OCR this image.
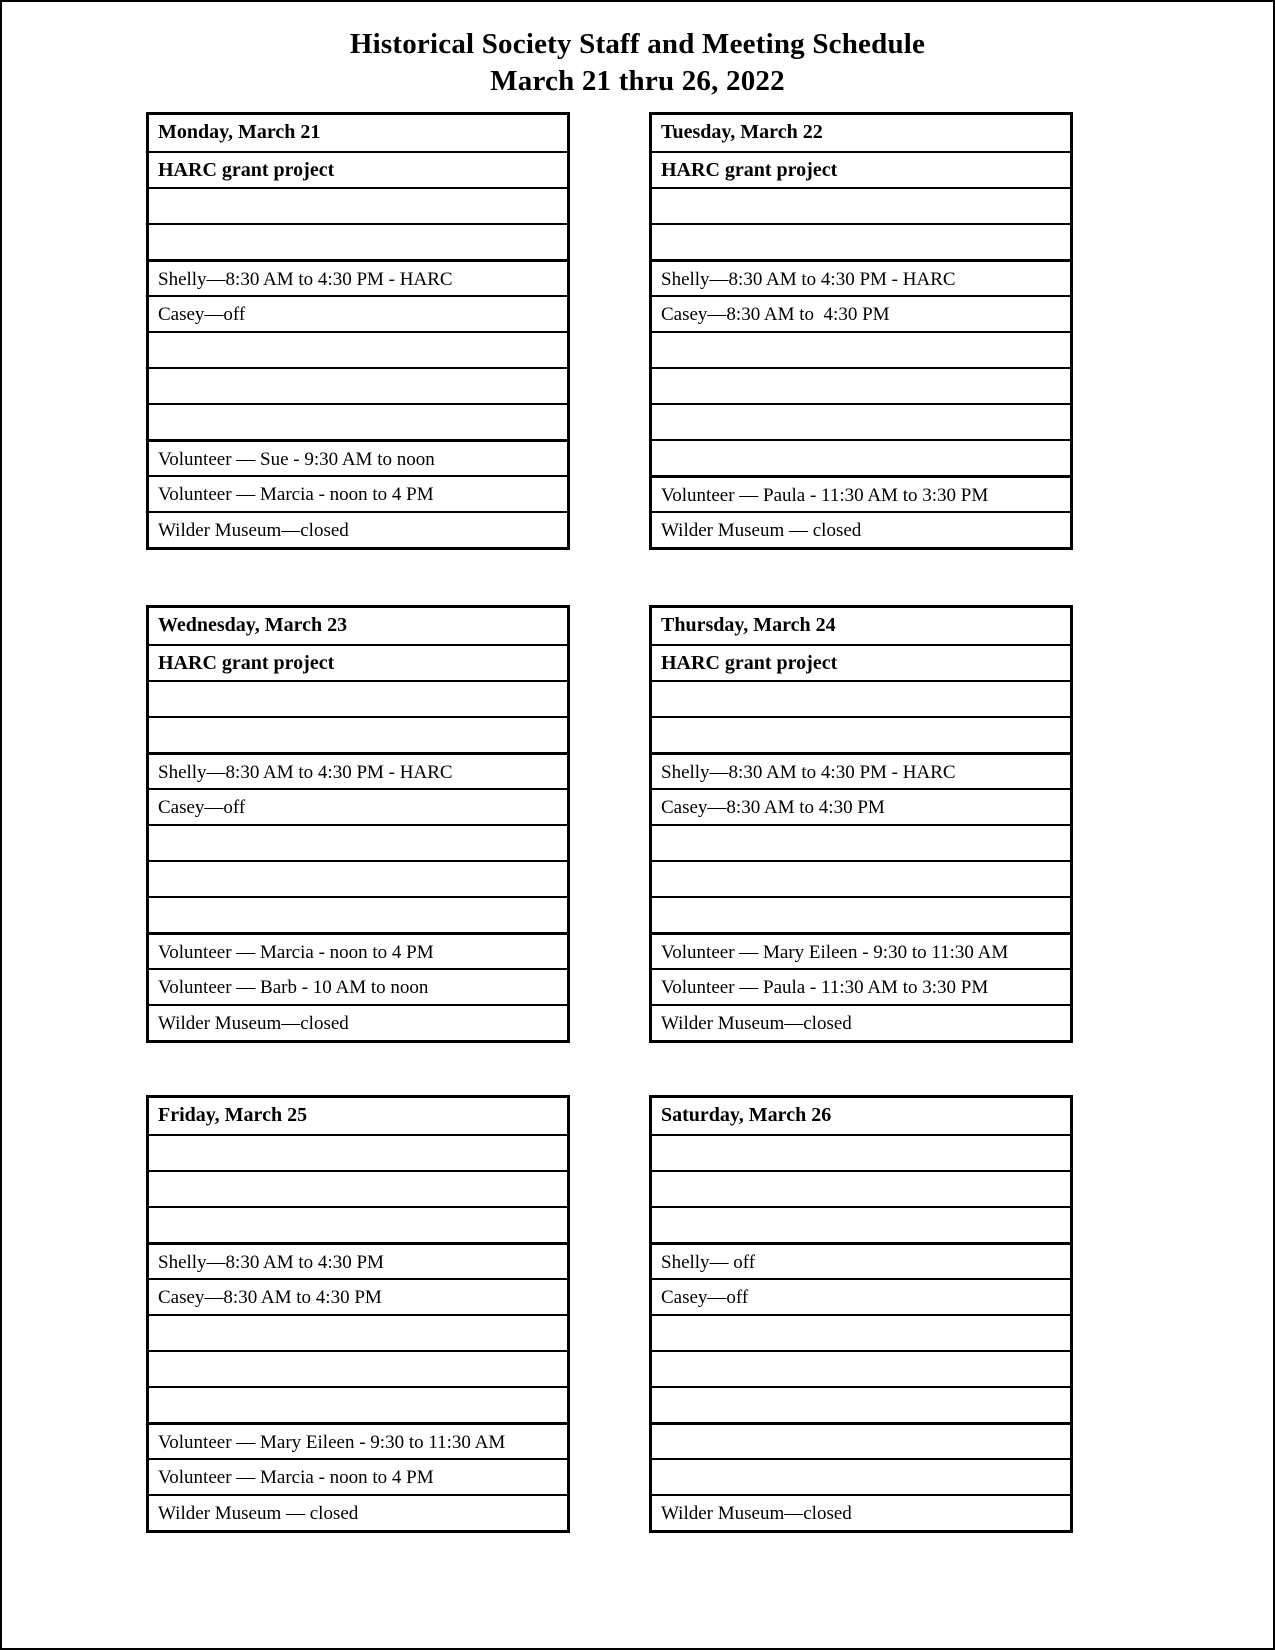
Historical Society Staff and Meeting Schedule
March 21 thru 26, 2022
Monday, March 21
HARC grant project
Shelly—8:30 AM to 4:30 PM - HARC
Casey—off
Volunteer — Sue - 9:30 AM to noon
Volunteer — Marcia - noon to 4 PM
Wilder Museum—closed
Tuesday, March 22
HARC grant project
Shelly—8:30 AM to 4:30 PM - HARC
Casey—8:30 AM to  4:30 PM
Volunteer — Paula - 11:30 AM to 3:30 PM
Wilder Museum — closed
Wednesday, March 23
HARC grant project
Shelly—8:30 AM to 4:30 PM - HARC
Casey—off
Volunteer — Marcia - noon to 4 PM
Volunteer — Barb - 10 AM to noon
Wilder Museum—closed
Thursday, March 24
HARC grant project
Shelly—8:30 AM to 4:30 PM - HARC
Casey—8:30 AM to 4:30 PM
Volunteer — Mary Eileen - 9:30 to 11:30 AM
Volunteer — Paula - 11:30 AM to 3:30 PM
Wilder Museum—closed
Friday, March 25
Shelly—8:30 AM to 4:30 PM
Casey—8:30 AM to 4:30 PM
Volunteer — Mary Eileen - 9:30 to 11:30 AM
Volunteer — Marcia - noon to 4 PM
Wilder Museum — closed
Saturday, March 26
Shelly— off
Casey—off
Wilder Museum—closed
